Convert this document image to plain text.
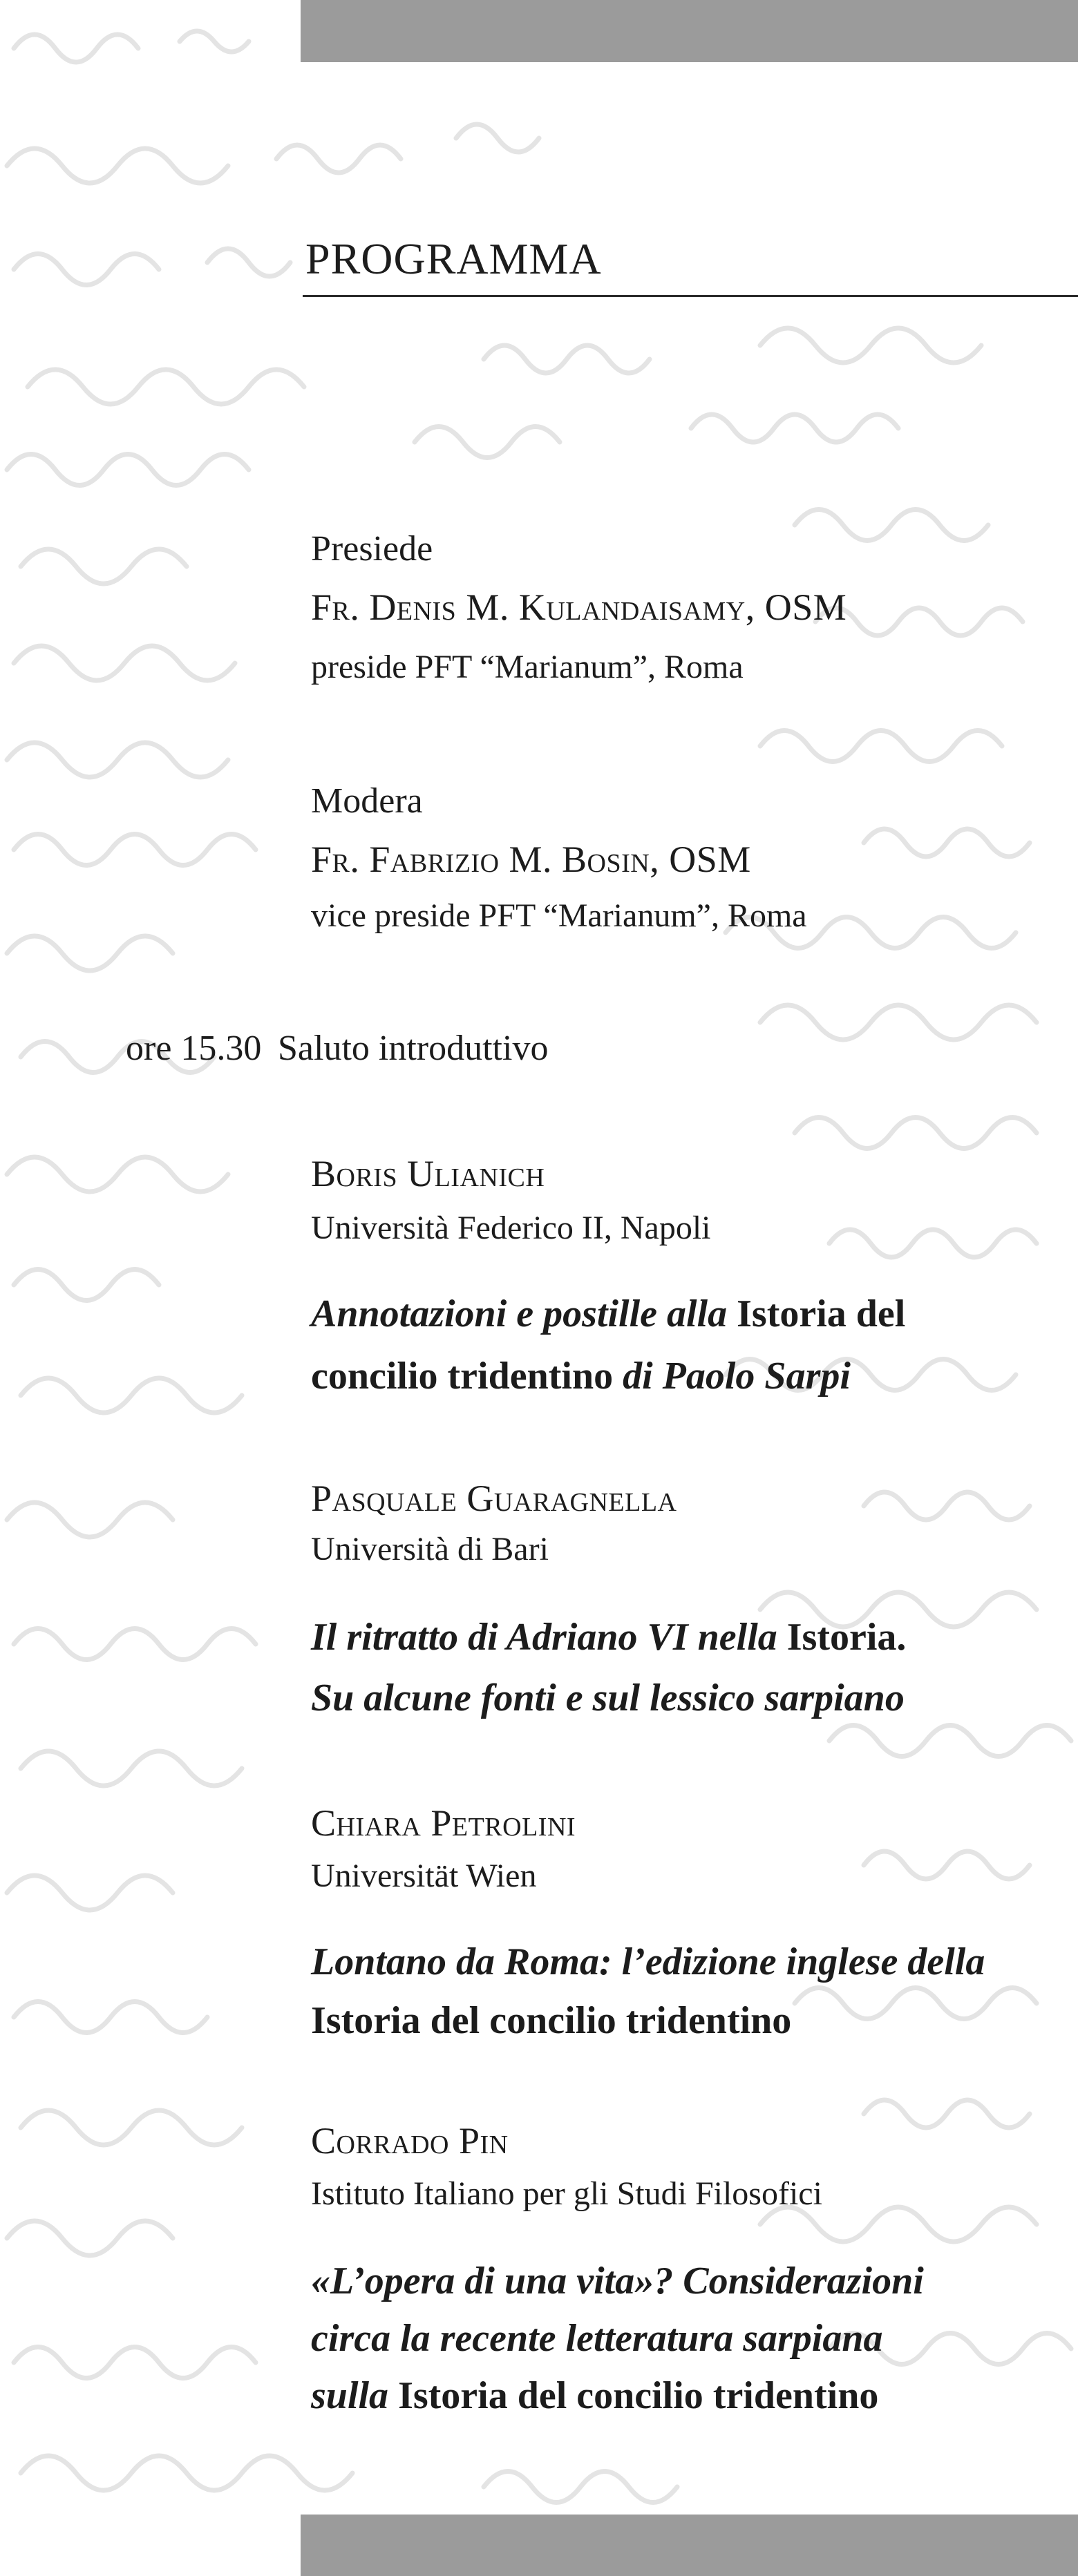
PROGRAMMA
Presiede
Fr. Denis M. Kulandaisamy, OSM
preside PFT “Marianum”, Roma
Modera
Fr. Fabrizio M. Bosin, OSM
vice preside PFT “Marianum”, Roma
ore 15.30 Saluto introduttivo
Boris Ulianich
Università Federico II, Napoli
Annotazioni e postille alla Istoria del
concilio tridentino di Paolo Sarpi
Pasquale Guaragnella
Università di Bari
Il ritratto di Adriano VI nella Istoria.
Su alcune fonti e sul lessico sarpiano
Chiara Petrolini
Universität Wien
Lontano da Roma: l’edizione inglese della
Istoria del concilio tridentino
Corrado Pin
Istituto Italiano per gli Studi Filosofici
«L’opera di una vita»? Considerazioni
circa la recente letteratura sarpiana
sulla Istoria del concilio tridentino
